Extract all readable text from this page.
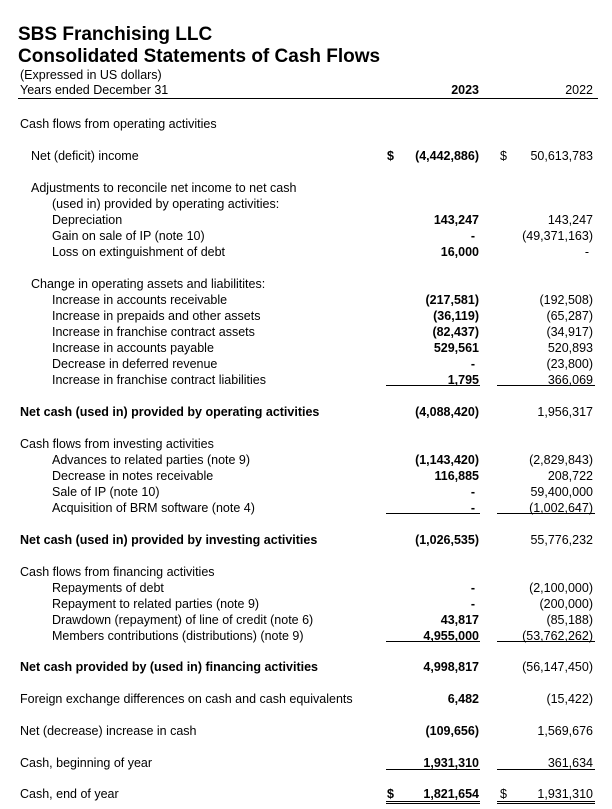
SBS Franchising LLC
Consolidated Statements of Cash Flows
(Expressed in US dollars)
Years ended December 31	2023	2022
Cash flows from operating activities
Net (deficit) income	$ (4,442,886) $ 50,613,783
Adjustments to reconcile net income to net cash
(used in) provided by operating activities:
Depreciation	143,247	143,247
Gain on sale of IP (note 10)	-	(49,371,163)
Loss on extinguishment of debt	16,000	-
Change in operating assets and liabilitites:
Increase in accounts receivable	(217,581)	(192,508)
Increase in prepaids and other assets	(36,119)	(65,287)
Increase in franchise contract assets	(82,437)	(34,917)
Increase in accounts payable	529,561	520,893
Decrease in deferred revenue	-	(23,800)
Increase in franchise contract liabilities	1,795	366,069
Net cash (used in) provided by operating activities	(4,088,420)	1,956,317
Cash flows from investing activities
Advances to related parties (note 9)	(1,143,420)	(2,829,843)
Decrease in notes receivable	116,885	208,722
Sale of IP (note 10)	-	59,400,000
Acquisition of BRM software (note 4)	-	(1,002,647)
Net cash (used in) provided by investing activities	(1,026,535)	55,776,232
Cash flows from financing activities
Repayments of debt	-	(2,100,000)
Repayment to related parties (note 9)	-	(200,000)
Drawdown (repayment) of line of credit (note 6)	43,817	(85,188)
Members contributions (distributions) (note 9)	4,955,000	(53,762,262)
Net cash provided by (used in) financing activities	4,998,817	(56,147,450)
Foreign exchange differences on cash and cash equivalents	6,482	(15,422)
Net (decrease) increase in cash	(109,656)	1,569,676
Cash, beginning of year	1,931,310	361,634
Cash, end of year	$ 1,821,654 $ 1,931,310
